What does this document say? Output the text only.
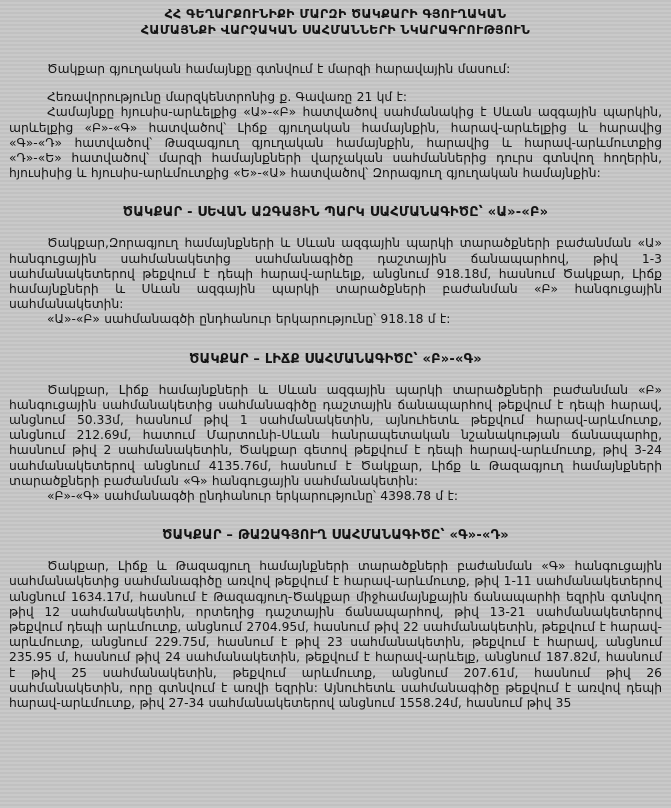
ՀՀ ԳԵՂԱՐՔՈՒՆԻՔԻ ՄԱՐԶԻ ԾԱԿՔԱՐԻ ԳՅՈՒՂԱԿԱՆ
ՀԱՄԱՅՆՔԻ ՎԱՐՉԱԿԱՆ ՍԱՀՄԱՆՆԵՐԻ ՆԿԱՐԱԳՐՈՒԹՅՈՒՆ

Ծակքար գյուղական համայնքը գտնվում է մարզի հարավային մասում:

Հեռավորությունը մարզկենտրոնից ք. Գավառը 21 կմ է:

Համայնքը հյուսիս-արևելքից «Ա»-«Բ» հատվածով սահմանակից է Սևան ազգային պարկին, արևելքից «Բ»-«Գ» հատվածով՝ Լիճք գյուղական համայնքին, հարավ-արևելքից և հարավից «Գ»-«Դ» հատվածով՝ Թազագյուղ գյուղական համայնքին, հարավից և հարավ-արևմուտքից «Դ»-«Ե» հատվածով՝ մարզի համայնքների վարչական սահմաններից դուրս գտնվող հողերին, հյուսիսից և հյուսիս-արևմուտքից «Ե»-«Ա» հատվածով՝ Զորագյուղ գյուղական համայնքին:

ԾԱԿՔԱՐ - ՍԵՎԱՆ ԱԶԳԱՅԻՆ ՊԱՐԿ ՍԱՀՄԱՆԱԳԻԾԸ՝ «Ա»-«Բ»

Ծակքար,Զորագյուղ համայնքների և Սևան ազգային պարկի տարածքների բաժանման «Ա» հանգուցային սահմանակետից սահմանագիծը դաշտային ճանապարհով, թիվ 1-3 սահմանակետերով թեքվում է դեպի հարավ-արևելք, անցնում 918.18մ, հասնում Ծակքար, Լիճք համայնքների և Սևան ազգային պարկի տարածքների բաժանման «Բ» հանգուցային սահմանակետին:

«Ա»-«Բ» սահմանագծի ընդհանուր երկարությունը՝ 918.18 մ է:

ԾԱԿՔԱՐ – ԼԻՃՔ ՍԱՀՄԱՆԱԳԻԾԸ՝ «Բ»-«Գ»

Ծակքար, Լիճք համայնքների և Սևան ազգային պարկի տարածքների բաժանման «Բ» հանգուցային սահմանակետից սահմանագիծը դաշտային ճանապարհով թեքվում է դեպի հարավ, անցնում 50.33մ, հասնում թիվ 1 սահմանակետին, այնուհետև թեքվում հարավ-արևմուտք, անցնում 212.69մ, հատում Մարտունի-Սևան հանրապետական նշանակության ճանապարհը, հասնում թիվ 2 սահմանակետին, Ծակքար գետով թեքվում է դեպի հարավ-արևմուտք, թիվ 3-24 սահմանակետերով անցնում 4135.76մ, հասնում է Ծակքար, Լիճք և Թազագյուղ համայնքների տարածքների բաժանման «Գ» հանգուցային սահմանակետին:

«Բ»-«Գ» սահմանագծի ընդհանուր երկարությունը՝ 4398.78 մ է:

ԾԱԿՔԱՐ – ԹԱԶԱԳՅՈՒՂ ՍԱՀՄԱՆԱԳԻԾԸ՝ «Գ»-«Դ»

Ծակքար, Լիճք և Թազագյուղ համայնքների տարածքների բաժանման «Գ» հանգուցային սահմանակետից սահմանագիծը առվով թեքվում է հարավ-արևմուտք, թիվ 1-11 սահմանակետերով անցնում 1634.17մ, հասնում է Թազագյուղ-Ծակքար միջհամայնքային ճանապարհի եզրին գտնվող թիվ 12 սահմանակետին, որտեղից դաշտային ճանապարհով, թիվ 13-21 սահմանակետերով թեքվում դեպի արևմուտք, անցնում 2704.95մ, հասնում թիվ 22 սահմանակետին, թեքվում է հարավ-արևմուտք, անցնում 229.75մ, հասնում է թիվ 23 սահմանակետին, թեքվում է հարավ, անցնում 235.95 մ, հասնում թիվ 24 սահմանակետին, թեքվում է հարավ-արևելք, անցնում 187.82մ, հասնում է թիվ 25 սահմանակետին, թեքվում արևմուտք, անցնում 207.61մ, հասնում թիվ 26 սահմանակետին, որը գտնվում է առվի եզրին: Այնուհետև սահմանագիծը թեքվում է առվով դեպի հարավ-արևմուտք, թիվ 27-34 սահմանակետերով անցնում 1558.24մ, հասնում թիվ 35
